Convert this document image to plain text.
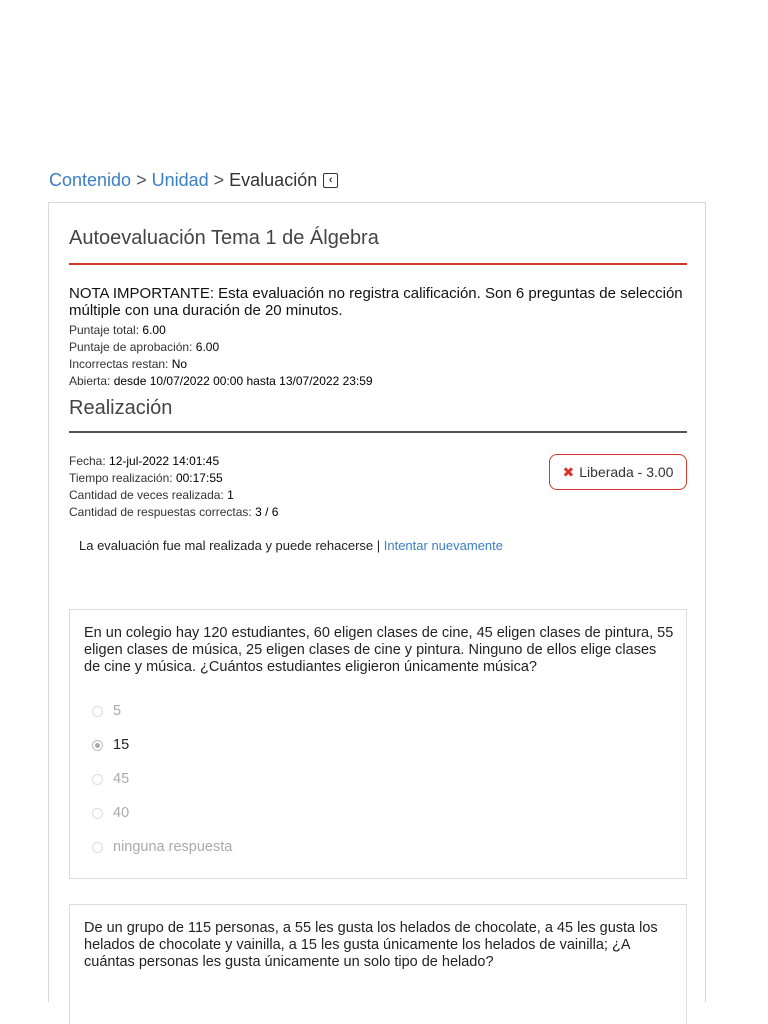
Contenido > Unidad > Evaluación	‹
Autoevaluación Tema 1 de Álgebra
NOTA IMPORTANTE: Esta evaluación no registra calificación. Son 6 preguntas de selección múltiple con una duración de 20 minutos.
Puntaje total: 6.00
Puntaje de aprobación: 6.00
Incorrectas restan: No
Abierta: desde 10/07/2022 00:00 hasta 13/07/2022 23:59
Realización
Fecha: 12-jul-2022 14:01:45
Tiempo realización: 00:17:55
Cantidad de veces realizada: 1
Cantidad de respuestas correctas: 3 / 6
✖ Liberada - 3.00
La evaluación fue mal realizada y puede rehacerse | Intentar nuevamente
En un colegio hay 120 estudiantes, 60 eligen clases de cine, 45 eligen clases de pintura, 55 eligen clases de música, 25 eligen clases de cine y pintura. Ninguno de ellos elige clases de cine y música. ¿Cuántos estudiantes eligieron únicamente música?
5
15
45
40
ninguna respuesta
De un grupo de 115 personas, a 55 les gusta los helados de chocolate, a 45 les gusta los helados de chocolate y vainilla, a 15 les gusta únicamente los helados de vainilla; ¿A cuántas personas les gusta únicamente un solo tipo de helado?
